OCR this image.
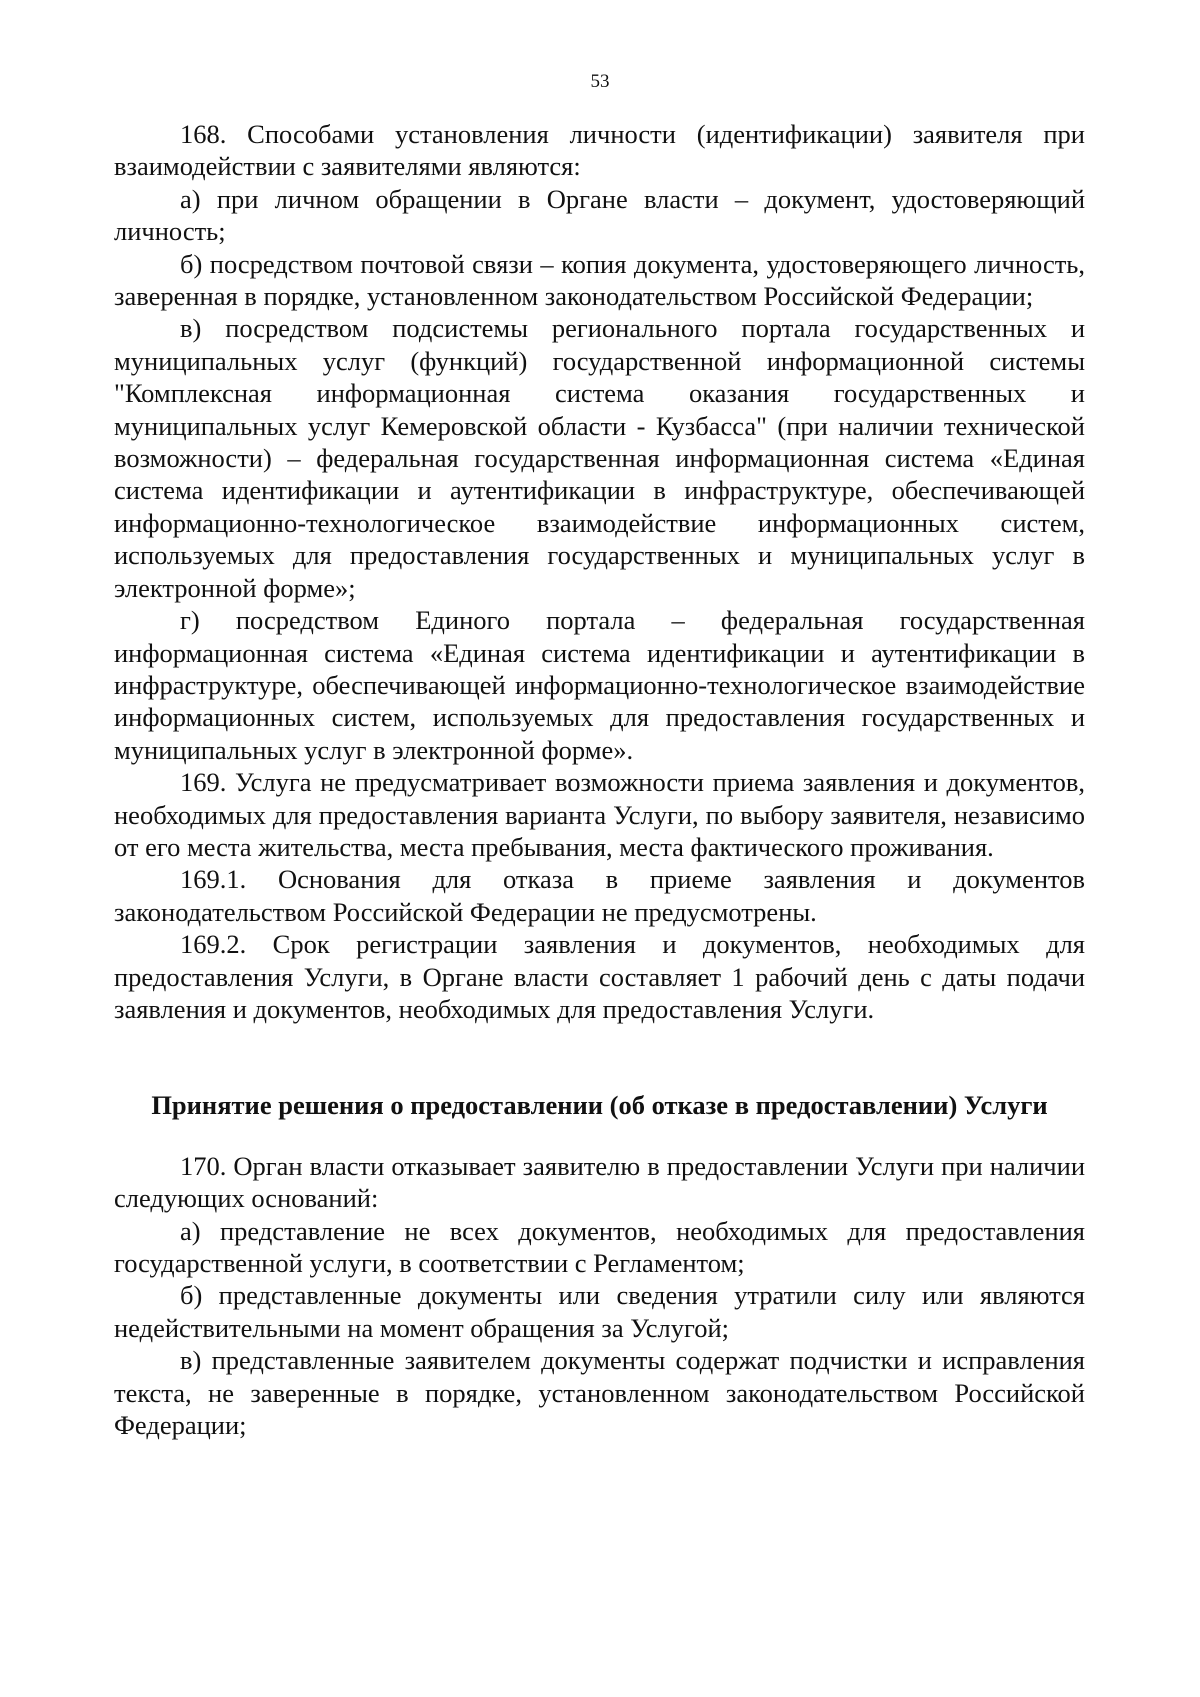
53

168. Способами установления личности (идентификации) заявителя при взаимодействии с заявителями являются:

а) при личном обращении в Органе власти – документ, удостоверяющий личность;

б) посредством почтовой связи – копия документа, удостоверяющего личность, заверенная в порядке, установленном законодательством Российской Федерации;

в) посредством подсистемы регионального портала государственных и муниципальных услуг (функций) государственной информационной системы "Комплексная информационная система оказания государственных и муниципальных услуг Кемеровской области - Кузбасса" (при наличии технической возможности) – федеральная государственная информационная система «Единая система идентификации и аутентификации в инфраструктуре, обеспечивающей информационно-технологическое взаимодействие информационных систем, используемых для предоставления государственных и муниципальных услуг в электронной форме»;

г) посредством Единого портала – федеральная государственная информационная система «Единая система идентификации и аутентификации в инфраструктуре, обеспечивающей информационно-технологическое взаимодействие информационных систем, используемых для предоставления государственных и муниципальных услуг в электронной форме».

169. Услуга не предусматривает возможности приема заявления и документов, необходимых для предоставления варианта Услуги, по выбору заявителя, независимо от его места жительства, места пребывания, места фактического проживания.

169.1. Основания для отказа в приеме заявления и документов законодательством Российской Федерации не предусмотрены.

169.2. Срок регистрации заявления и документов, необходимых для предоставления Услуги, в Органе власти составляет 1 рабочий день с даты подачи заявления и документов, необходимых для предоставления Услуги.

Принятие решения о предоставлении (об отказе в предоставлении) Услуги

170. Орган власти отказывает заявителю в предоставлении Услуги при наличии следующих оснований:

а) представление не всех документов, необходимых для предоставления государственной услуги, в соответствии с Регламентом;

б) представленные документы или сведения утратили силу или являются недействительными на момент обращения за Услугой;

в) представленные заявителем документы содержат подчистки и исправления текста, не заверенные в порядке, установленном законодательством Российской Федерации;
